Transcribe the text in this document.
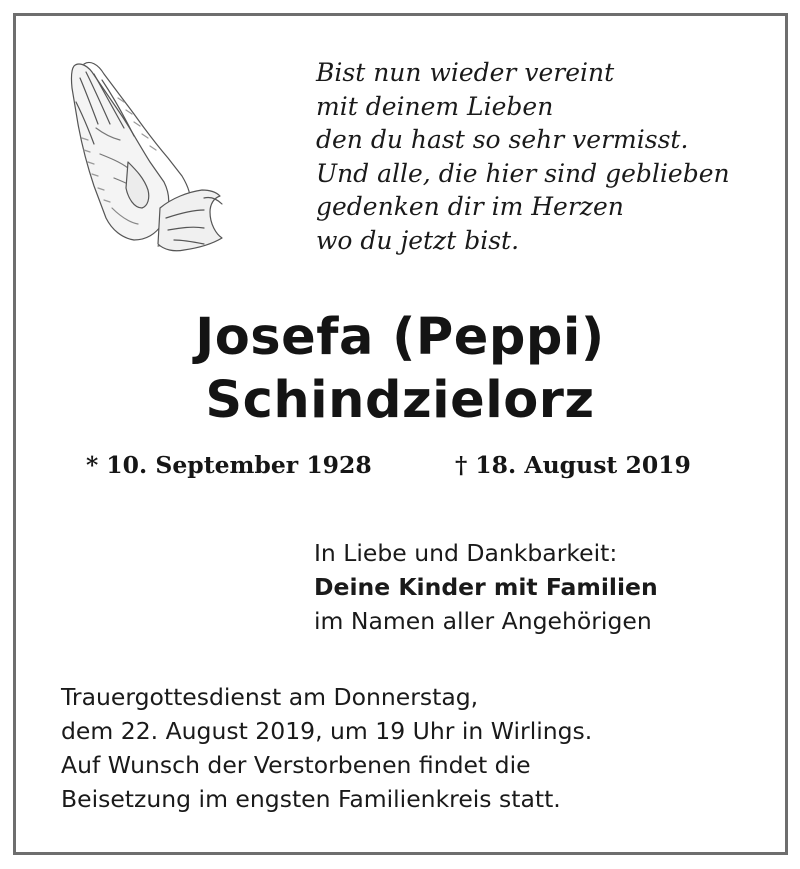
Bist nun wieder vereint
mit deinem Lieben
den du hast so sehr vermisst.
Und alle, die hier sind geblieben
gedenken dir im Herzen
wo du jetzt bist.
Josefa (Peppi)
Schindzielorz
* 10. September 1928	† 18. August 2019
In Liebe und Dankbarkeit:
Deine Kinder mit Familien
im Namen aller Angehörigen
Trauergottesdienst am Donnerstag,
dem 22. August 2019, um 19 Uhr in Wirlings.
Auf Wunsch der Verstorbenen findet die
Beisetzung im engsten Familienkreis statt.
